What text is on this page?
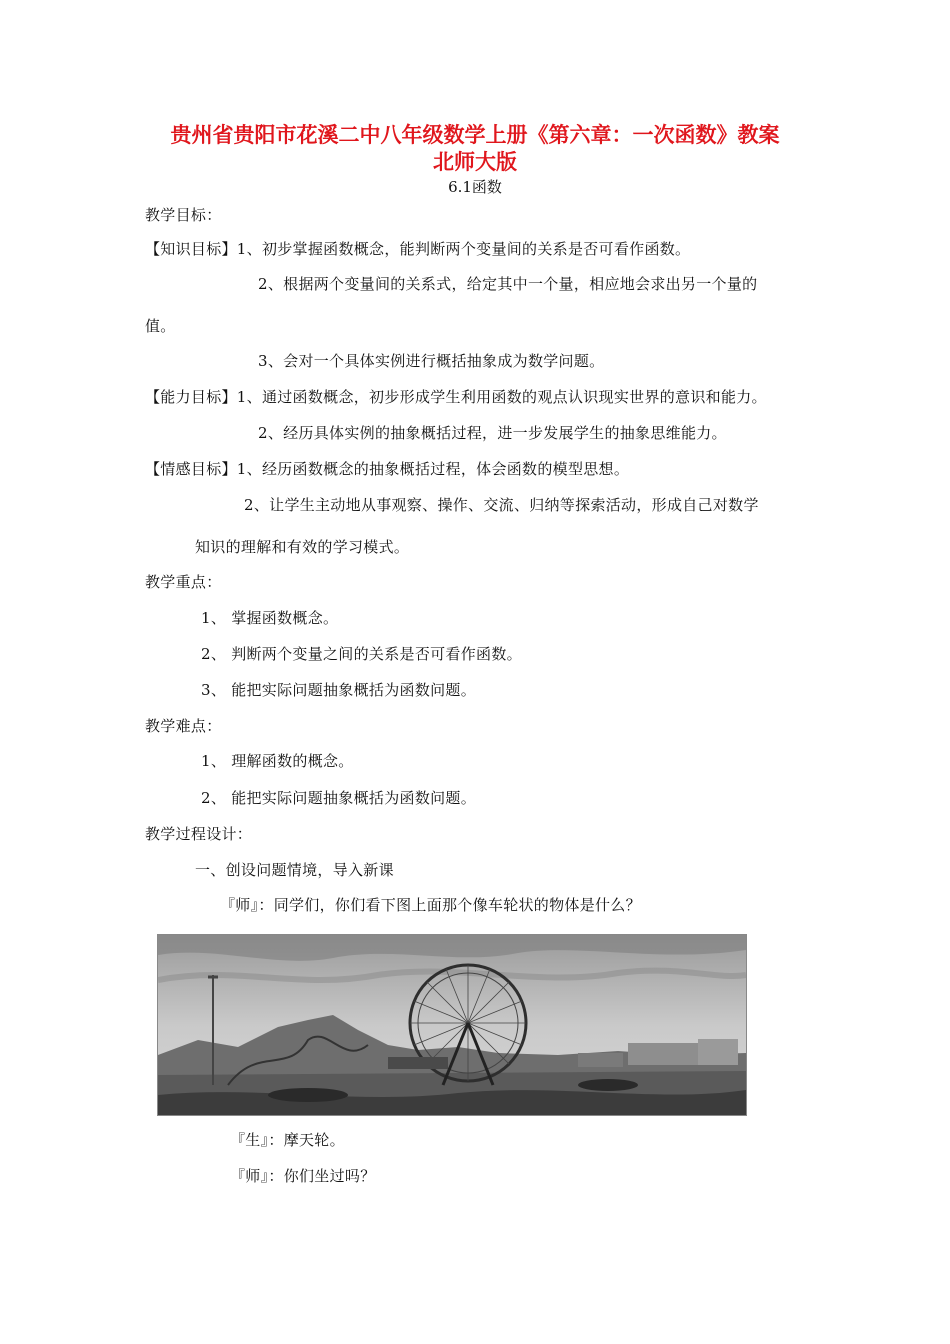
贵州省贵阳市花溪二中八年级数学上册《第六章：一次函数》教案
北师大版
6.1函数
教学目标：
【知识目标】1、初步掌握函数概念，能判断两个变量间的关系是否可看作函数。
2、根据两个变量间的关系式，给定其中一个量，相应地会求出另一个量的
值。
3、会对一个具体实例进行概括抽象成为数学问题。
【能力目标】1、通过函数概念，初步形成学生利用函数的观点认识现实世界的意识和能力。
2、经历具体实例的抽象概括过程，进一步发展学生的抽象思维能力。
【情感目标】1、经历函数概念的抽象概括过程，体会函数的模型思想。
2、让学生主动地从事观察、操作、交流、归纳等探索活动，形成自己对数学
知识的理解和有效的学习模式。
教学重点：
1、 掌握函数概念。
2、 判断两个变量之间的关系是否可看作函数。
3、 能把实际问题抽象概括为函数问题。
教学难点：
1、 理解函数的概念。
2、 能把实际问题抽象概括为函数问题。
教学过程设计：
一、创设问题情境，导入新课
『师』：同学们，你们看下图上面那个像车轮状的物体是什么？
『生』：摩天轮。
『师』：你们坐过吗？
